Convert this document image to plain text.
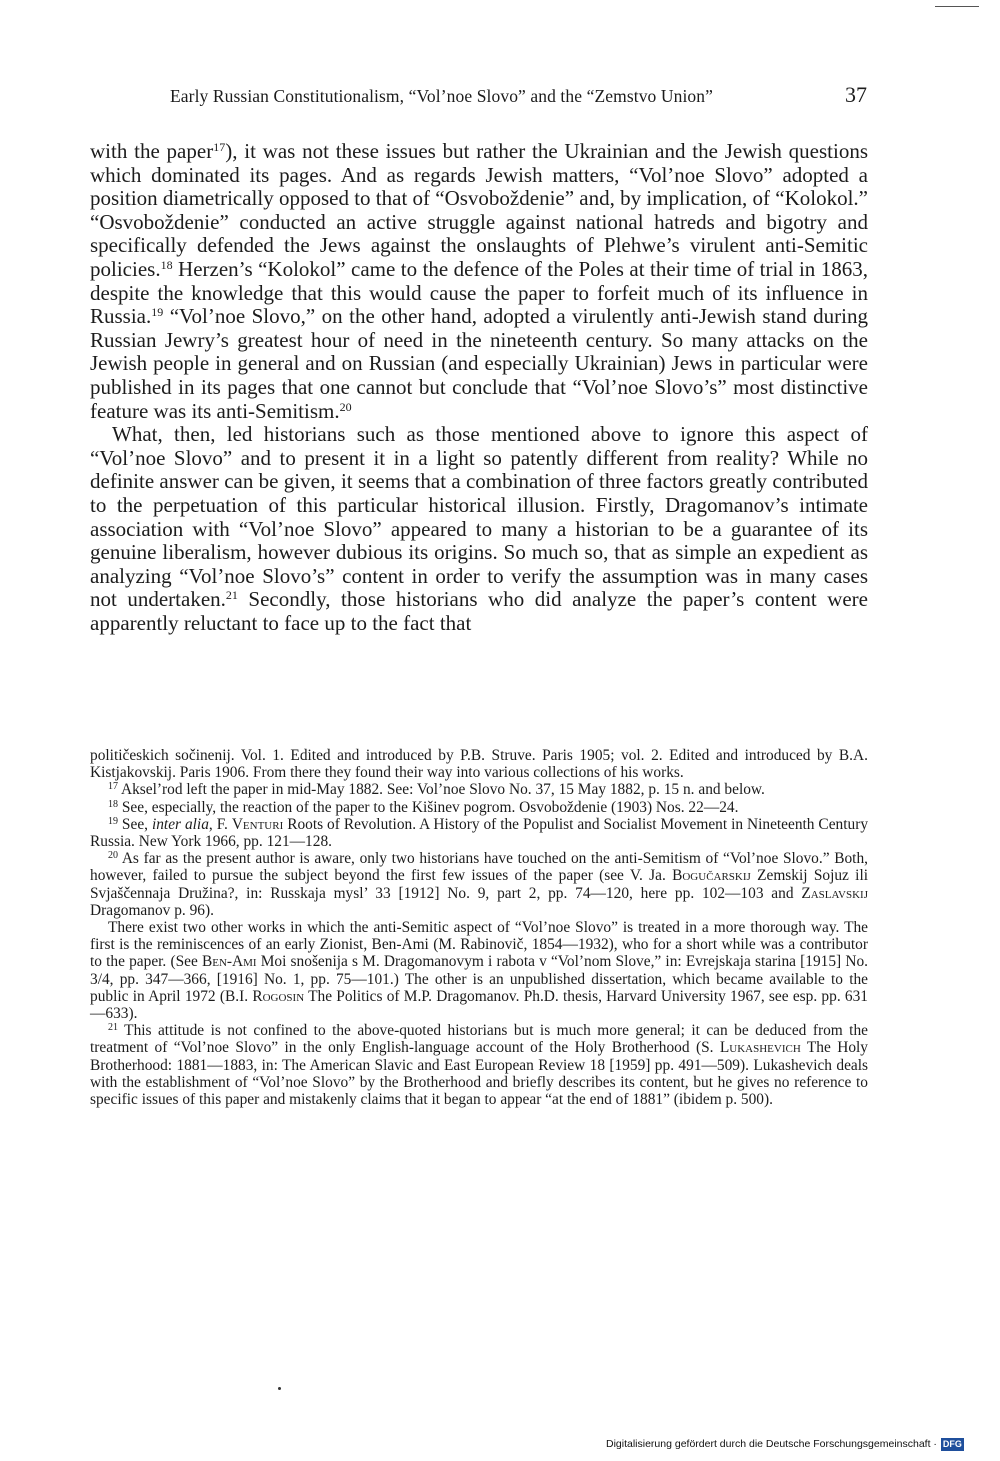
Early Russian Constitutionalism, “Vol’noe Slovo” and the “Zemstvo Union”	37

with the paper$^{17}$), it was not these issues but rather the Ukrainian and the Jewish questions which dominated its pages. And as regards Jewish matters, “Vol’noe Slovo” adopted a position diametrically opposed to that of “Osvoboždenie” and, by implication, of “Kolokol.” “Osvoboždenie” conducted an active struggle against national hatreds and bigotry and specifically defended the Jews against the onslaughts of Plehwe’s virulent anti-Semitic policies.$^{18}$ Herzen’s “Kolokol” came to the defence of the Poles at their time of trial in 1863, despite the knowledge that this would cause the paper to forfeit much of its influence in Russia.$^{19}$ “Vol’noe Slovo,” on the other hand, adopted a virulently anti-Jewish stand during Russian Jewry’s greatest hour of need in the nineteenth century. So many attacks on the Jewish people in general and on Russian (and especially Ukrainian) Jews in particular were published in its pages that one cannot but conclude that “Vol’noe Slovo’s” most distinctive feature was its anti-Semitism.$^{20}$

What, then, led historians such as those mentioned above to ignore this aspect of “Vol’noe Slovo” and to present it in a light so patently different from reality? While no definite answer can be given, it seems that a combination of three factors greatly contributed to the perpetuation of this particular historical illusion. Firstly, Dragomanov’s intimate association with “Vol’noe Slovo” appeared to many a historian to be a guarantee of its genuine liberalism, however dubious its origins. So much so, that as simple an expedient as analyzing “Vol’noe Slovo’s” content in order to verify the assumption was in many cases not undertaken.$^{21}$ Secondly, those historians who did analyze the paper’s content were apparently reluctant to face up to the fact that

političeskich sočinenij. Vol. 1. Edited and introduced by P.B. Struve. Paris 1905; vol. 2. Edited and introduced by B.A. Kistjakovskij. Paris 1906. From there they found their way into various collections of his works.

$^{17}$ Aksel’rod left the paper in mid-May 1882. See: Vol’noe Slovo No. 37, 15 May 1882, p. 15 n. and below.

$^{18}$ See, especially, the reaction of the paper to the Kišinev pogrom. Osvoboždenie (1903) Nos. 22—24.

$^{19}$ See, inter alia, F. Venturi Roots of Revolution. A History of the Populist and Socialist Movement in Nineteenth Century Russia. New York 1966, pp. 121—128.

$^{20}$ As far as the present author is aware, only two historians have touched on the anti-Semitism of “Vol’noe Slovo.” Both, however, failed to pursue the subject beyond the first few issues of the paper (see V. Ja. Bogučarskij Zemskij Sojuz ili Svjaščennaja Družina?, in: Russkaja mysl’ 33 [1912] No. 9, part 2, pp. 74—120, here pp. 102—103 and Zaslavskij Dragomanov p. 96).

There exist two other works in which the anti-Semitic aspect of “Vol’noe Slovo” is treated in a more thorough way. The first is the reminiscences of an early Zionist, Ben-Ami (M. Rabinovič, 1854—1932), who for a short while was a contributor to the paper. (See Ben-Ami Moi snošenija s M. Dragomanovym i rabota v “Vol’nom Slove,” in: Evrejskaja starina [1915] No. 3/4, pp. 347—366, [1916] No. 1, pp. 75—101.) The other is an unpublished dissertation, which became available to the public in April 1972 (B.I. Rogosin The Politics of M.P. Dragomanov. Ph.D. thesis, Harvard University 1967, see esp. pp. 631—633).

$^{21}$ This attitude is not confined to the above-quoted historians but is much more general; it can be deduced from the treatment of “Vol’noe Slovo” in the only English-language account of the Holy Brotherhood (S. Lukashevich The Holy Brotherhood: 1881—1883, in: The American Slavic and East European Review 18 [1959] pp. 491—509). Lukashevich deals with the establishment of “Vol’noe Slovo” by the Brotherhood and briefly describes its content, but he gives no reference to specific issues of this paper and mistakenly claims that it began to appear “at the end of 1881” (ibidem p. 500).

Digitalisierung gefördert durch die Deutsche Forschungsgemeinschaft · DFG
